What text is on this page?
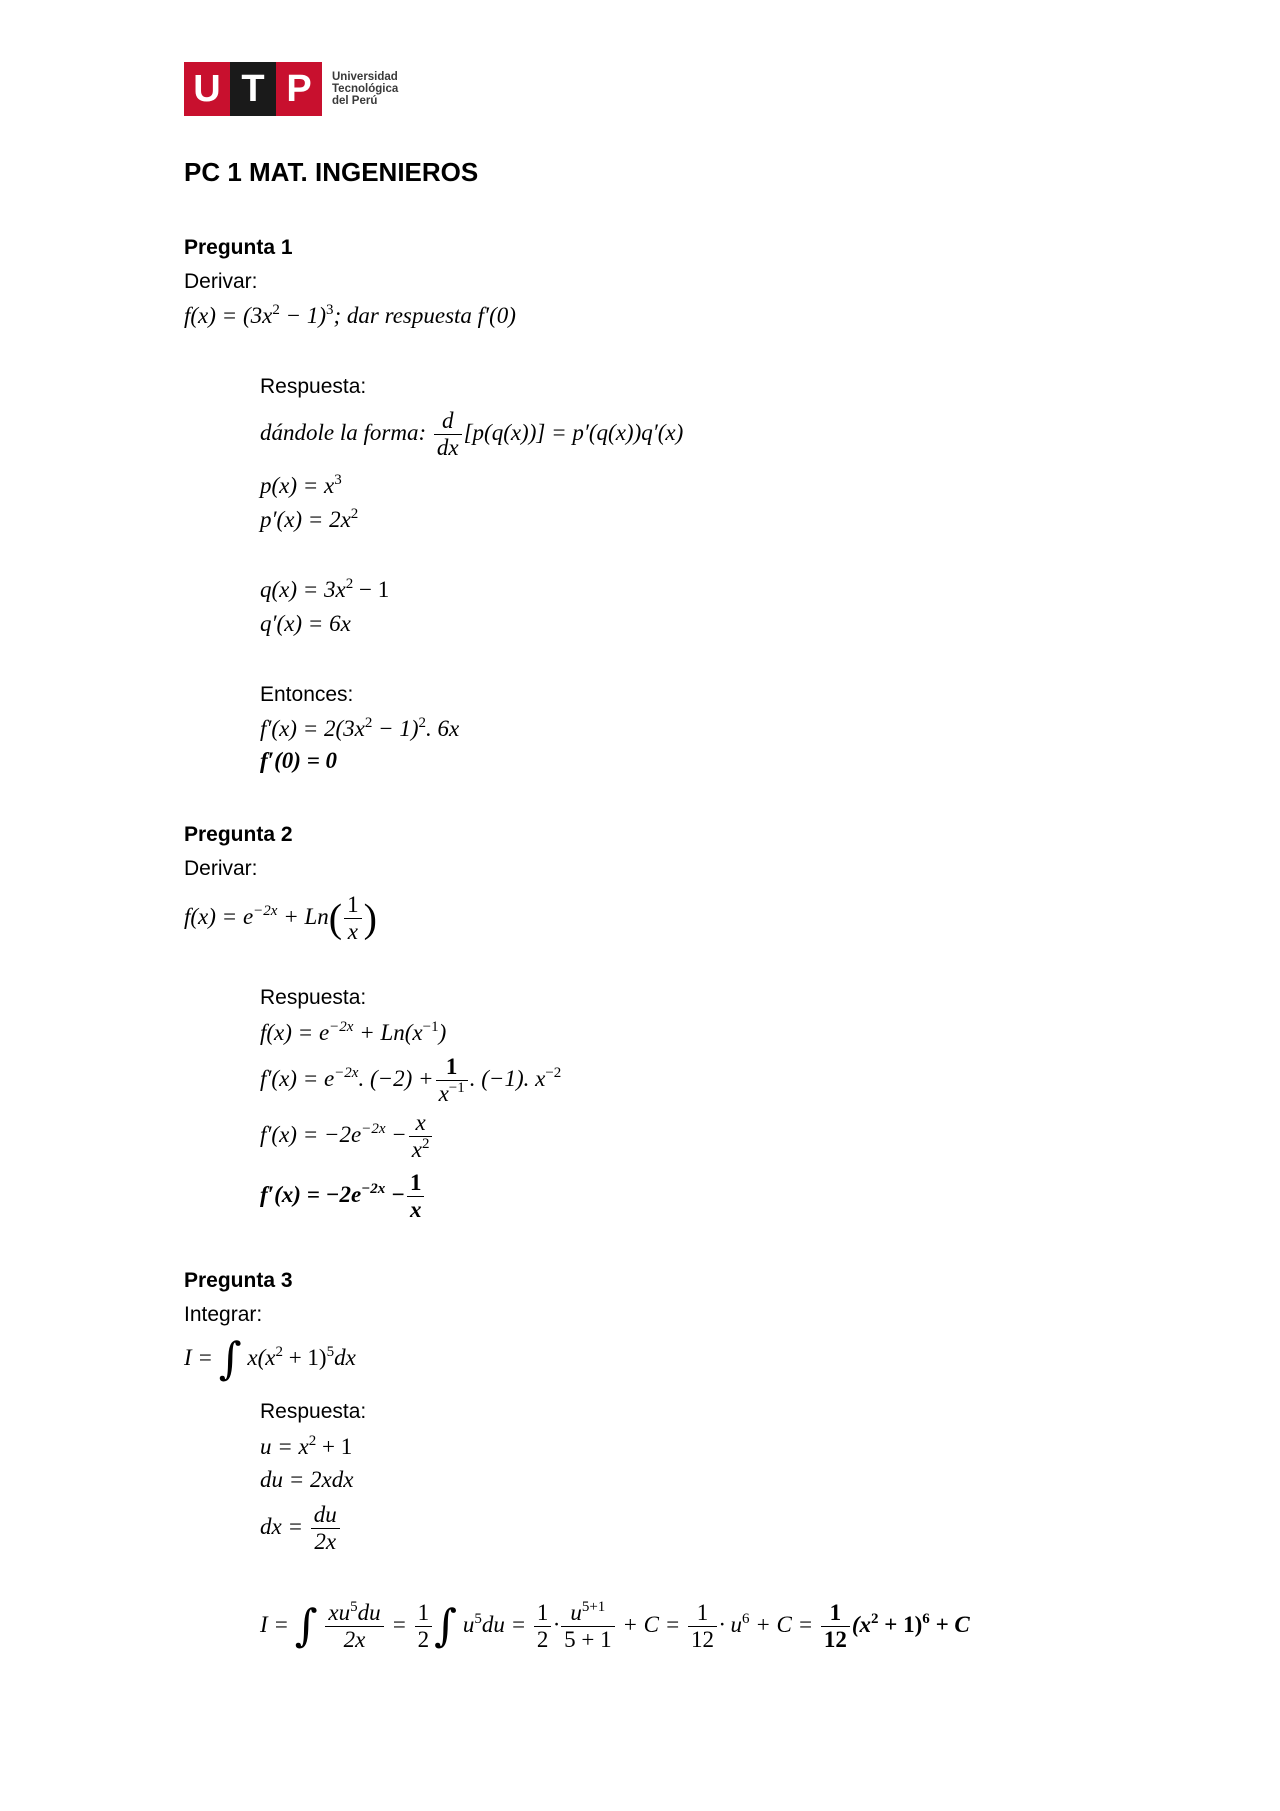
U T P	Universidad
Tecnológica
del Perú
PC 1 MAT. INGENIEROS
Pregunta 1
Derivar:
$f(x) = (3x^2 - 1)^3$; dar respuesta f′(0)
Respuesta:
dándole la forma: $\frac{d}{dx} [p(q(x))] = p'(q(x))q'(x)$
$p(x) = x^3$
$p'(x) = 2x^2$
$q(x) = 3x^2 - 1$
q′(x) = 6x
Entonces:
$f'(x) = 2(3x^2 - 1)^2$. 6x
f′(0) = 0
Pregunta 2
Derivar:
$f(x) = e^{-2x} + Ln( \frac{1}{x}$ )
Respuesta:
$f(x) = e^{-2x} + Ln(x^{-1})$
$f'(x) = e^{-2x}$. $(-2) + \frac{1}{x^{-1}}$ . (−1). $x^{-2}$
$f'(x) = -2e^{-2x} - \frac{x}{x^2}$
$f'(x) = -2e^{-2x} - \frac{1}{x}$
Pregunta 3
Integrar:
I = ∫ $x(x^2 + 1)^5dx$
Respuesta:
$u = x^2 + 1$
du = 2xdx
dx = $\frac{du}{2x}$
I = ∫ $\frac{xu^5du}{2x} = \frac{1}{2}$ ∫ $u^5du = \frac{1}{2} \cdot \frac{u^{5+1}}{5 + 1} + C = \frac{1}{12} \cdot u^6 + C = \frac{1}{12} (x^2 + 1)^6 + C$
